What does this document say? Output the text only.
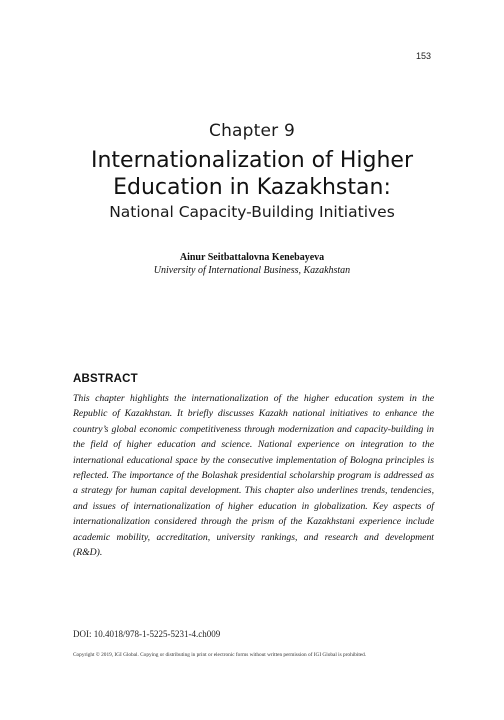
153
Chapter 9
Internationalization of Higher Education in Kazakhstan:
National Capacity-Building Initiatives
Ainur Seitbattalovna Kenebayeva
University of International Business, Kazakhstan
ABSTRACT

This chapter highlights the internationalization of the higher education system in the Republic of Kazakhstan. It briefly discusses Kazakh national initiatives to enhance the country’s global economic competitiveness through modernization and capacity-building in the field of higher education and science. National experience on integration to the international educational space by the consecutive implementation of Bologna principles is reflected. The importance of the Bolashak presidential scholarship program is addressed as a strategy for human capital development. This chapter also underlines trends, tendencies, and issues of internationalization of higher education in globalization. Key aspects of internationalization considered through the prism of the Kazakhstani experience include academic mobility, accreditation, university rankings, and research and development (R&D).

DOI: 10.4018/978-1-5225-5231-4.ch009
Copyright © 2019, IGI Global. Copying or distributing in print or electronic forms without written permission of IGI Global is prohibited.
